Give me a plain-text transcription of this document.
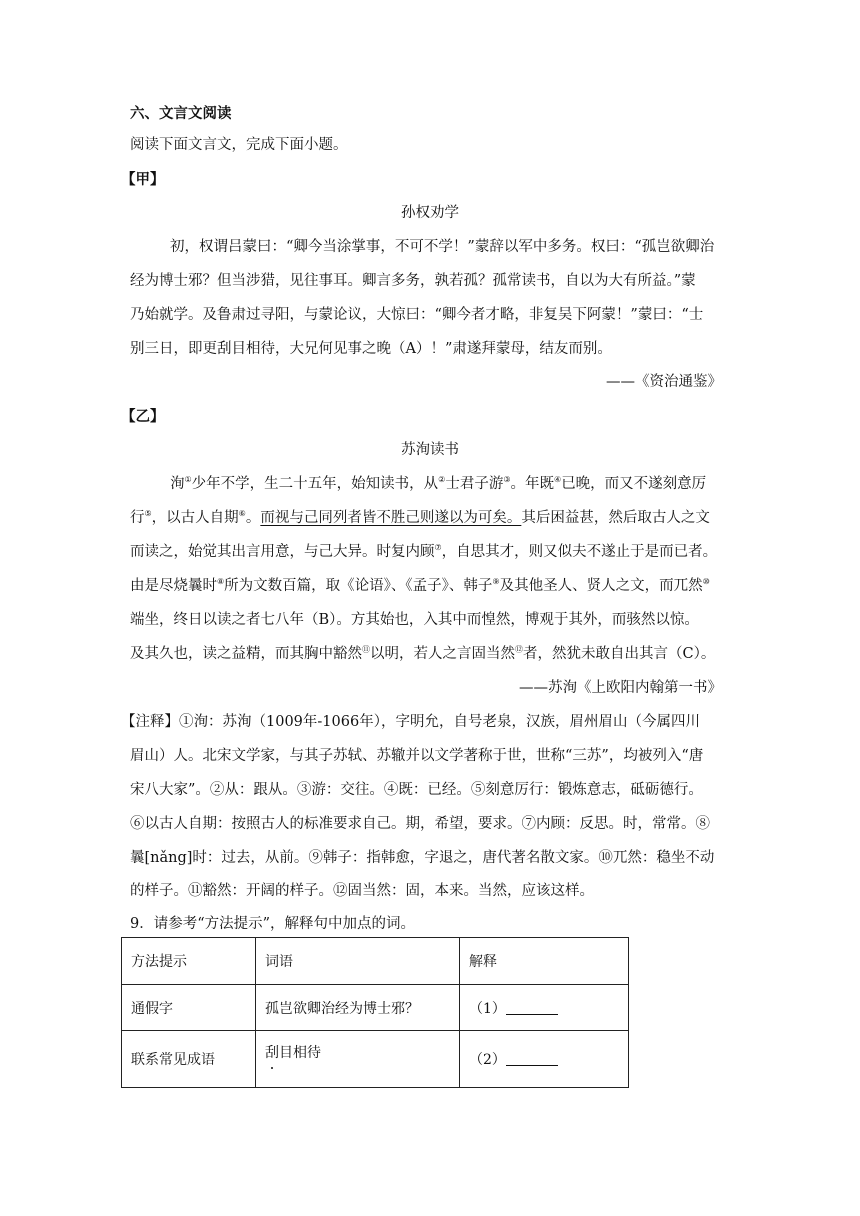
六、文言文阅读
阅读下面文言文，完成下面小题。
【甲】
孙权劝学
初，权谓吕蒙曰：“卿今当涂掌事，不可不学！”蒙辞以军中多务。权曰：“孤岂欲卿治
经为博士邪？但当涉猎，见往事耳。卿言多务，孰若孤？孤常读书，自以为大有所益。”蒙
乃始就学。及鲁肃过寻阳，与蒙论议，大惊曰：“卿今者才略，非复吴下阿蒙！”蒙曰：“士
别三日，即更刮目相待，大兄何见事之晚（A）！”肃遂拜蒙母，结友而别。
——《资治通鉴》
【乙】
苏洵读书
洵①少年不学，生二十五年，始知读书，从②士君子游③。年既④已晚，而又不遂刻意厉
行⑤，以古人自期⑥。而视与己同列者皆不胜己则遂以为可矣。其后困益甚，然后取古人之文
而读之，始觉其出言用意，与己大异。时复内顾⑦，自思其才，则又似夫不遂止于是而已者。
由是尽烧曩时⑧所为文数百篇，取《论语》、《孟子》、韩子⑨及其他圣人、贤人之文，而兀然⑩
端坐，终日以读之者七八年（B）。方其始也，入其中而惶然，博观于其外，而骇然以惊。
及其久也，读之益精，而其胸中豁然⑪以明，若人之言固当然⑫者，然犹未敢自出其言（C）。
——苏洵《上欧阳内翰第一书》
【注释】①洵：苏洵（1009年-1066年），字明允，自号老泉，汉族，眉州眉山（今属四川
眉山）人。北宋文学家，与其子苏轼、苏辙并以文学著称于世，世称“三苏”，均被列入“唐
宋八大家”。②从：跟从。③游：交往。④既：已经。⑤刻意厉行：锻炼意志，砥砺德行。
⑥以古人自期：按照古人的标准要求自己。期，希望，要求。⑦内顾：反思。时，常常。⑧
曩[nǎng]时：过去，从前。⑨韩子：指韩愈，字退之，唐代著名散文家。⑩兀然：稳坐不动
的样子。⑪豁然：开阔的样子。⑫固当然：固，本来。当然，应该这样。
9．请参考“方法提示”，解释句中加点的词。
方法提示	词语	解释
通假字	孤岂欲卿治经为博士邪？	（1）
联系常见成语	刮目相待	（2）
